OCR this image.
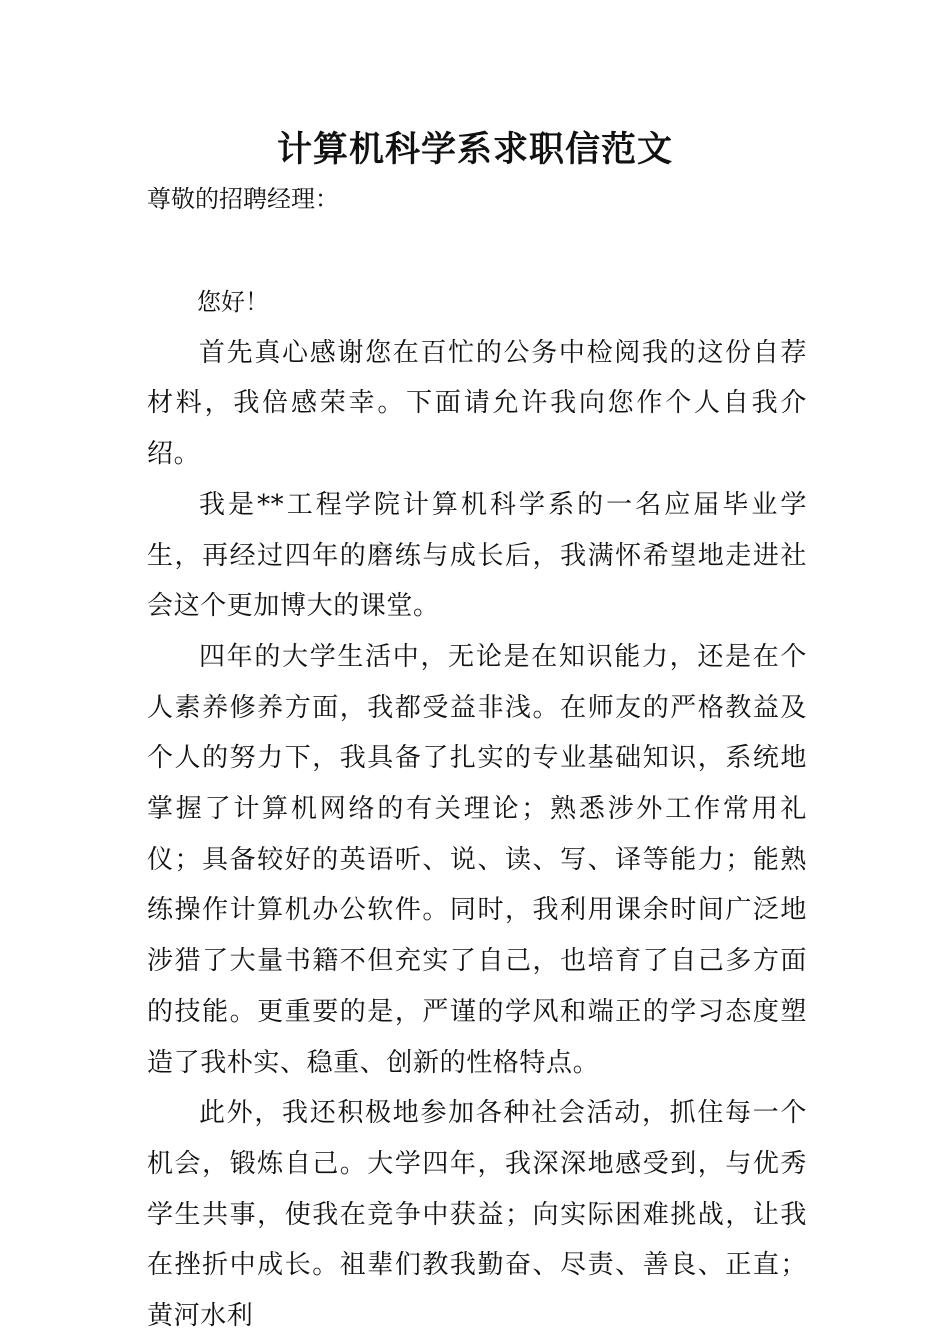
计算机科学系求职信范文

尊敬的招聘经理：

您好！

首先真心感谢您在百忙的公务中检阅我的这份自荐材料，我倍感荣幸。下面请允许我向您作个人自我介绍。

我是**工程学院计算机科学系的一名应届毕业学生，再经过四年的磨练与成长后，我满怀希望地走进社会这个更加博大的课堂。

四年的大学生活中，无论是在知识能力，还是在个人素养修养方面，我都受益非浅。在师友的严格教益及个人的努力下，我具备了扎实的专业基础知识，系统地掌握了计算机网络的有关理论；熟悉涉外工作常用礼仪；具备较好的英语听、说、读、写、译等能力；能熟练操作计算机办公软件。同时，我利用课余时间广泛地涉猎了大量书籍不但充实了自己，也培育了自己多方面的技能。更重要的是，严谨的学风和端正的学习态度塑造了我朴实、稳重、创新的性格特点。

此外，我还积极地参加各种社会活动，抓住每一个机会，锻炼自己。大学四年，我深深地感受到，与优秀学生共事，使我在竞争中获益；向实际困难挑战，让我在挫折中成长。祖辈们教我勤奋、尽责、善良、正直；黄河水利
